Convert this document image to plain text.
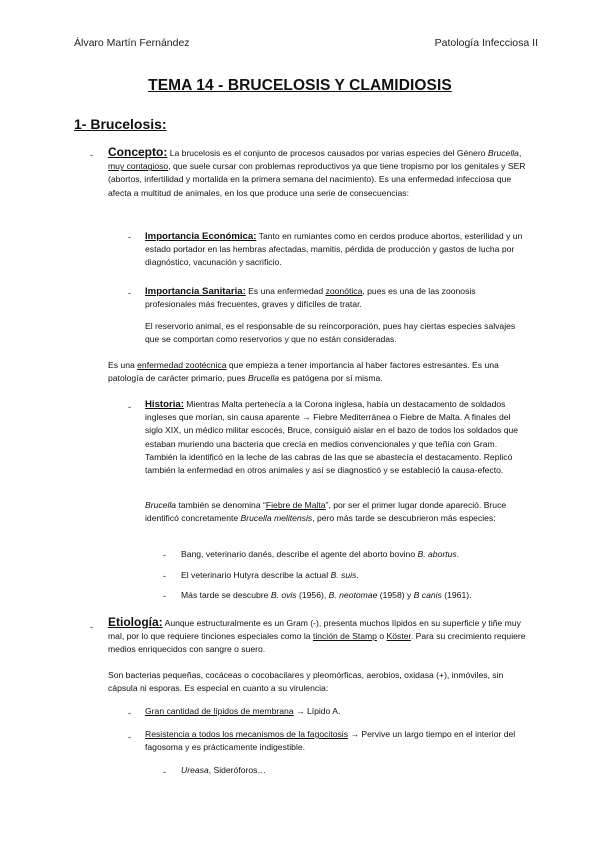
Álvaro Martín Fernández	Patología Infecciosa II
TEMA 14 - BRUCELOSIS Y CLAMIDIOSIS
1- Brucelosis:
- Concepto: La brucelosis es el conjunto de procesos causados por varias especies del Género Brucella, muy contagioso, que suele cursar con problemas reproductivos ya que tiene tropismo por los genitales y SER (abortos, infertilidad y mortalida en la primera semana del nacimiento). Es una enfermedad infecciosa que afecta a multitud de animales, en los que produce una serie de consecuencias:
- Importancia Económica: Tanto en rumiantes como en cerdos produce abortos, esterilidad y un estado portador en las hembras afectadas, mamitis, pérdida de producción y gastos de lucha por diagnóstico, vacunación y sacrificio.
- Importancia Sanitaria: Es una enfermedad zoonótica, pues es una de las zoonosis profesionales más frecuentes, graves y difíciles de tratar.
El reservorio animal, es el responsable de su reincorporación, pues hay ciertas especies salvajes que se comportan como reservorios y que no están consideradas.
Es una enfermedad zootécnica que empieza a tener importancia al haber factores estresantes. Es una patología de carácter primario, pues Brucella es patógena por sí misma.
- Historia: Mientras Malta pertenecía a la Corona inglesa, había un destacamento de soldados ingleses que morían, sin causa aparente → Fiebre Mediterránea o Fiebre de Malta. A finales del siglo XIX, un médico militar escocés, Bruce, consiguió aislar en el bazo de todos los soldados que estaban muriendo una bacteria que crecía en medios convencionales y que teñía con Gram. También la identificó en la leche de las cabras de las que se abastecía el destacamento. Replicó también la enfermedad en otros animales y así se diagnosticó y se estableció la causa-efecto.
Brucella también se denomina “Fiebre de Malta”, por ser el primer lugar donde apareció. Bruce identificó concretamente Brucella melitensis, pero más tarde se descubrieron más especies:
- Bang, veterinario danés, describe el agente del aborto bovino B. abortus.
- El veterinario Hutyra describe la actual B. suis.
- Más tarde se descubre B. ovis (1956), B. neotomae (1958) y B canis (1961).
- Etiología: Aunque estructuralmente es un Gram (-), presenta muchos lípidos en su superficie y tiñe muy mal, por lo que requiere tinciones especiales como la tinción de Stamp o Köster. Para su crecimiento requiere medios enriquecidos con sangre o suero.
Son bacterias pequeñas, cocáceas o cocobacilares y pleomórficas, aerobios, oxidasa (+), inmóviles, sin cápsula ni esporas. Es especial en cuanto a su virulencia:
- Gran cantidad de lípidos de membrana → Lípido A.
- Resistencia a todos los mecanismos de la fagocitosis → Pervive un largo tiempo en el interior del fagosoma y es prácticamente indigestible.
- Ureasa, Sideróforos…
